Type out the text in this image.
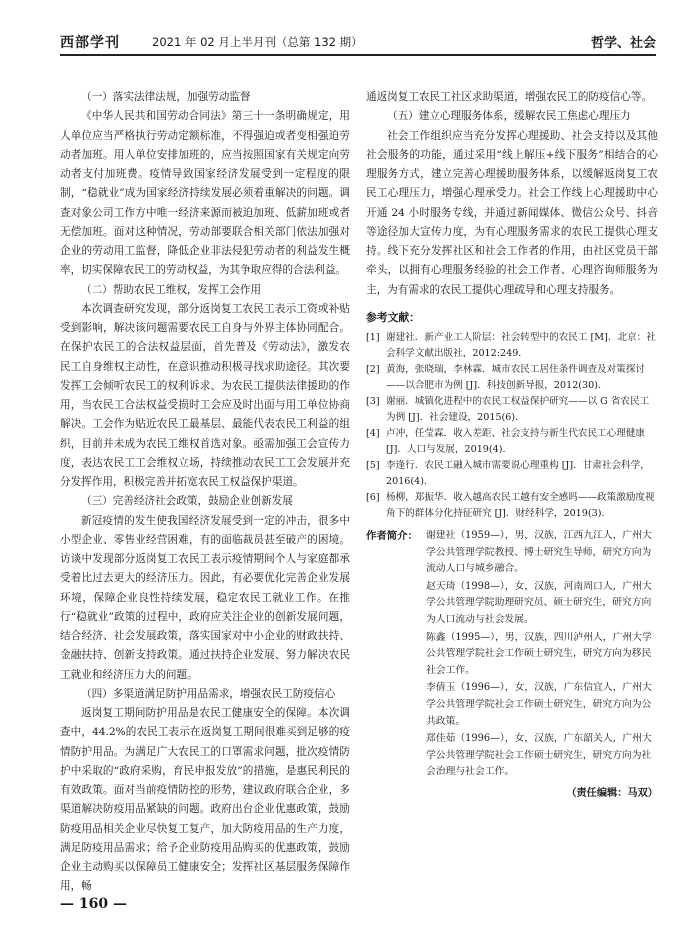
西部学刊	2021 年 02 月上半月刊（总第 132 期）	哲学、社会

（一）落实法律法规，加强劳动监督

《中华人民共和国劳动合同法》第三十一条明确规定，用人单位应当严格执行劳动定额标准，不得强迫或者变相强迫劳动者加班。用人单位安排加班的，应当按照国家有关规定向劳动者支付加班费。疫情导致国家经济发展受到一定程度的限制，“稳就业”成为国家经济持续发展必须着重解决的问题。调查对象公司工作方中唯一经济来源而被迫加班、低薪加班或者无偿加班。面对这种情况，劳动部要联合相关部门依法加强对企业的劳动用工监督，降低企业非法侵犯劳动者的利益发生概率，切实保障农民工的劳动权益，为其争取应得的合法利益。

（二）帮助农民工维权，发挥工会作用

本次调查研究发现，部分返岗复工农民工表示工资或补贴受到影响，解决该问题需要农民工自身与外界主体协同配合。在保护农民工的合法权益层面，首先普及《劳动法》，激发农民工自身维权主动性，在意识推动积极寻找求助途径。其次要发挥工会倾听农民工的权利诉求、为农民工提供法律援助的作用，当农民工合法权益受损时工会应及时出面与用工单位协商解决。工会作为贴近农民工最基层、最能代表农民工利益的组织，目前并未成为农民工维权首选对象。亟需加强工会宣传力度，表达农民工工会维权立场，持续推动农民工工会发展并充分发挥作用，积极完善并拓宽农民工权益保护渠道。

（三）完善经济社会政策，鼓励企业创新发展

新冠疫情的发生使我国经济发展受到一定的冲击，很多中小型企业、零售业经营困难，有的面临裁员甚至破产的困境。访谈中发现部分返岗复工农民工表示疫情期间个人与家庭都承受着比过去更大的经济压力。因此，有必要优化完善企业发展环境，保障企业良性持续发展，稳定农民工就业工作。在推行“稳就业”政策的过程中，政府应关注企业的创新发展问题，结合经济、社会发展政策，落实国家对中小企业的财政扶持、金融扶持、创新支持政策。通过扶持企业发展、努力解决农民工就业和经济压力大的问题。

（四）多渠道满足防护用品需求，增强农民工防疫信心

返岗复工期间防护用品是农民工健康安全的保障。本次调查中，44.2%的农民工表示在返岗复工期间很难买到足够的疫情防护用品。为满足广大农民工的口罩需求问题，批次疫情防护中采取的“政府采购，育民申报发放”的措施，是惠民利民的有效政策。面对当前疫情防控的形势，建议政府联合企业，多渠道解决防疫用品紧缺的问题。政府出台企业优惠政策，鼓励防疫用品相关企业尽快复工复产，加大防疫用品的生产力度，满足防疫用品需求；给予企业防疫用品购买的优惠政策，鼓励企业主动购买以保障员工健康安全；发挥社区基层服务保障作用，畅

通返岗复工农民工社区求助渠道，增强农民工的防疫信心等。

（五）建立心理服务体系，缓解农民工焦虑心理压力

社会工作组织应当充分发挥心理援助、社会支持以及其他社会服务的功能，通过采用“线上解压+线下服务”相结合的心理服务方式，建立完善心理援助服务体系，以缓解返岗复工农民工心理压力，增强心理承受力。社会工作线上心理援助中心开通 24 小时服务专线，并通过新闻媒体、微信公众号、抖音等途径加大宣传力度，为有心理服务需求的农民工提供心理支持。线下充分发挥社区和社会工作者的作用，由社区党员干部牵头，以拥有心理服务经验的社会工作者、心理咨询师服务为主，为有需求的农民工提供心理疏导和心理支持服务。

参考文献：
[1] 谢建社．新产业工人阶层：社会转型中的农民工 [M]．北京：社会科学文献出版社，2012:249.
[2] 黄海，张晓瑞，李林霖．城市农民工居住条件调查及对策探讨——以合肥市为例 [J]．科技创新导报，2012(30).
[3] 谢丽．城镇化进程中的农民工权益保护研究——以 G 省农民工为例 [J]．社会建设，2015(6).
[4] 卢冲，任莹霖．收入差距、社会支持与新生代农民工心理健康 [J]．人口与发展，2019(4).
[5] 李逢行．农民工融入城市需要说心理重构 [J]．甘肃社会科学，2016(4).
[6] 杨柳，郑振华．收入越高农民工越有安全感吗——政策激励度视角下的群体分化持征研究 [J]．财经科学，2019(3).
作者简介： 谢建社（1959—），男，汉族，江西九江人，广州大学公共管理学院教授、博士研究生导师，研究方向为流动人口与城乡融合。

赵天琦（1998—），女，汉族，河南周口人，广州大学公共管理学院助理研究员、硕士研究生，研究方向为人口流动与社会发展。

陈鑫（1995—），男，汉族，四川泸州人，广州大学公共管理学院社会工作硕士研究生，研究方向为移民社会工作。

李倩玉（1996—），女，汉族，广东信宜人，广州大学公共管理学院社会工作硕士研究生，研究方向为公共政策。

郑佳茹（1996—），女，汉族，广东韶关人，广州大学公共管理学院社会工作硕士研究生，研究方向为社会治理与社会工作。

（责任编辑：马双）
— 160 —
